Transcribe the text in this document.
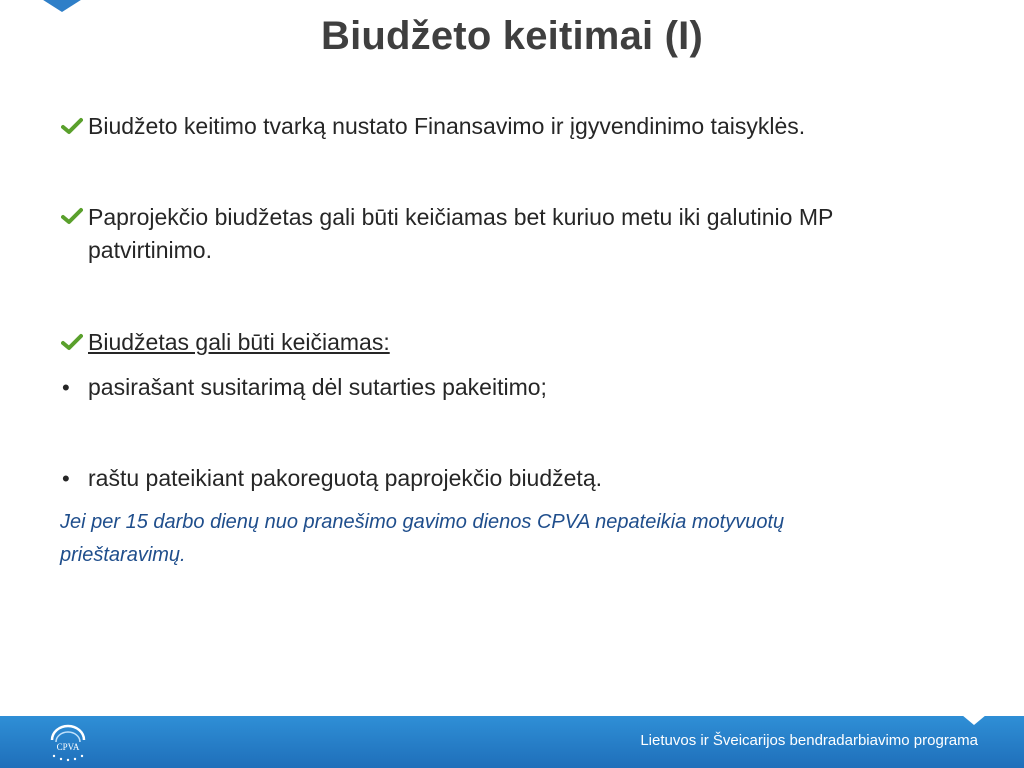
Biudžeto keitimai (I)
Biudžeto keitimo tvarką nustato Finansavimo ir įgyvendinimo taisyklės.
Paprojekčio biudžetas gali būti keičiamas bet kuriuo metu iki galutinio MP
patvirtinimo.
Biudžetas gali būti keičiamas:
• pasirašant susitarimą dėl sutarties pakeitimo;
• raštu pateikiant pakoreguotą paprojekčio biudžetą.
Jei per 15 darbo dienų nuo pranešimo gavimo dienos CPVA nepateikia motyvuotų
prieštaravimų.
CPVA	Lietuvos ir Šveicarijos bendradarbiavimo programa
